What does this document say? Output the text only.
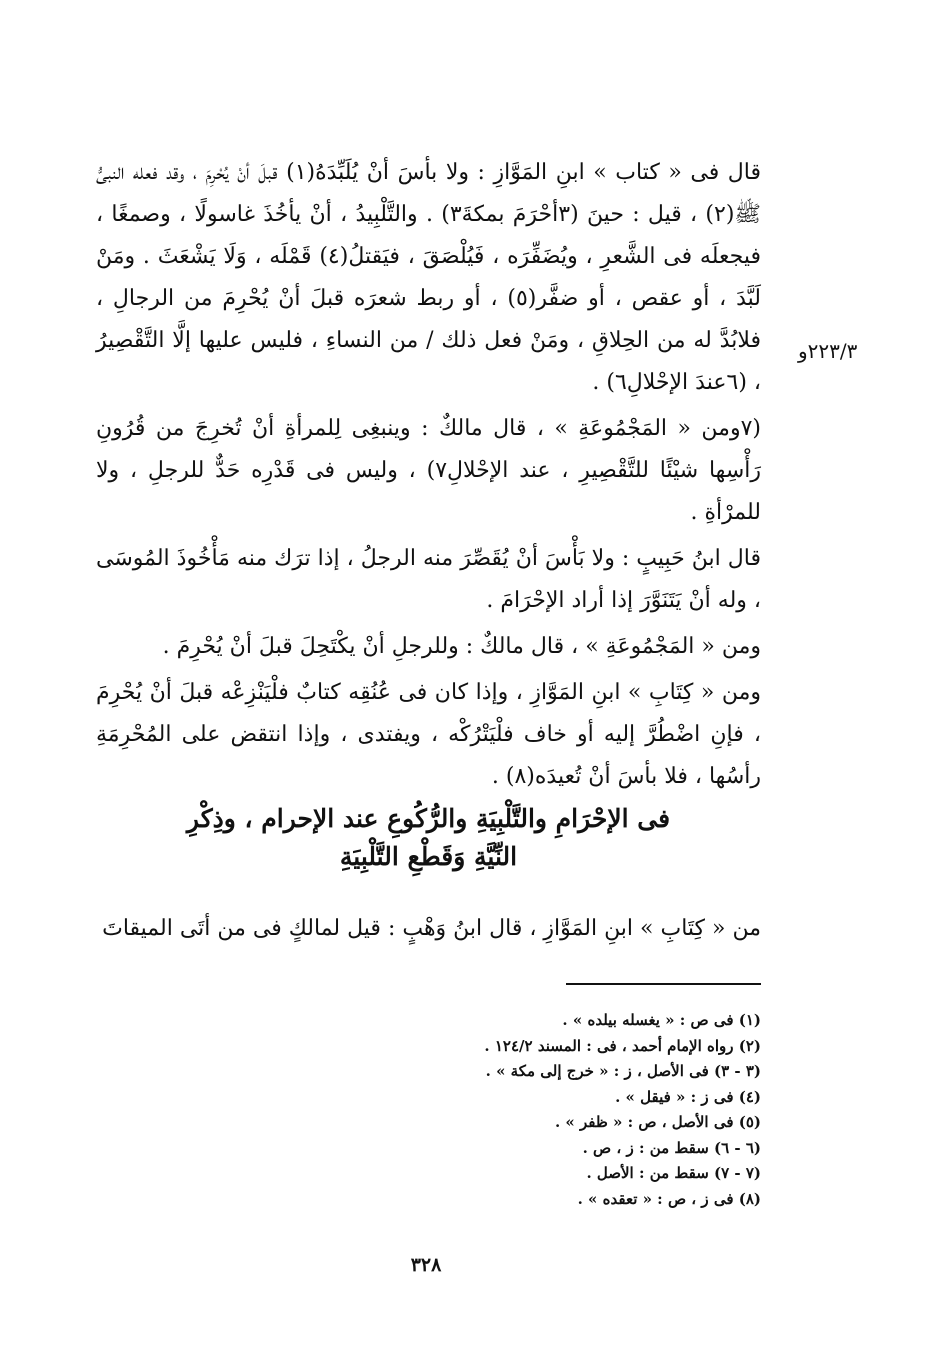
قال فى « كتاب » ابنِ المَوَّازِ : ولا بأسَ أنْ يُلَبِّدَهُ(١) قبلَ أنْ يُحْرِمَ ، وقد فعله النبىُّ ﷺ(٢) ، قيل : حينَ (٣أحْرَمَ بمكةَ٣) . والتَّلْبِيدُ ، أنْ يأخُذَ غاسولًا ، وصمغًا ، فيجعلَه فى الشَّعرِ ، ويُضَفِّرَه ، فَيُلْصَقَ ، فيَقتلُ(٤) قَمْلَه ، وَلَا يَشْعَثَ . ومَنْ لَبَّدَ ، أو عقص ، أو ضفَّر(٥) ، أو ربط شعرَه قبلَ أنْ يُحْرِمَ من الرجالِ ، فلابُدَّ له من الحِلاقِ ، ومَنْ فعل ذلك / من النساءِ ، فليس عليها إلَّا التَّقْصِيرُ ، (٦عندَ الإحْلالِ٦) .

(٧ومن « المَجْمُوعَةِ » ، قال مالكٌ : وينبغِى لِلمرأةِ أنْ تُخرِجَ من قُرُونِ رَأْسِها شيْئًا للتَّقْصِيرِ ، عند الإحْلالِ٧) ، وليس فى قَدْرِه حَدٌّ للرجلِ ، ولا للمرْأةِ .

قال ابنُ حَبِيبٍ : ولا بَأْسَ أنْ يُقَصِّرَ منه الرجلُ ، إذا ترَك منه مَأْخُوذَ المُوسَى ، وله أنْ يَتَنَوَّرَ إذا أراد الإحْرَامَ .

ومن « المَجْمُوعَةِ » ، قال مالكٌ : وللرجلِ أنْ يكْتَحِلَ قبلَ أنْ يُحْرِمَ .

ومن « كِتَابِ » ابنِ المَوَّازِ ، وإذا كان فى عُنُقِه كتابٌ فلْيَنْزِعْه قبلَ أنْ يُحْرِمَ ، فإنِ اضْطُرَّ إليه أو خاف فلْيَتْرُكْه ، ويفتدى ، وإذا انتقض على المُحْرِمَةِ رأسُها ، فلا بأسَ أنْ تُعيدَه(٨) .

٢٢٣/٣و
فى الإحْرَامِ والتَّلْبِيَةِ والرُّكُوعِ عند الإحرام ، وذِكْرِ
النِّيَّةِ وَقَطْعِ التَّلْبِيَةِ
من « كِتَابِ » ابنِ المَوَّازِ ، قال ابنُ وَهْبٍ : قيل لمالكٍ فى من أتَى الميقاتَ
(١) فى ص : « يغسله بيلده » .
(٢) رواه الإمام أحمد ، فى : المسند ١٢٤/٢ .
(٣ - ٣) فى الأصل ، ز : « خرج إلى مكة » .
(٤) فى ز : « فيقل » .
(٥) فى الأصل ، ص : « ظفر » .
(٦ - ٦) سقط من : ز ، ص .
(٧ - ٧) سقط من : الأصل .
(٨) فى ز ، ص : « تعقده » .
٣٢٨
